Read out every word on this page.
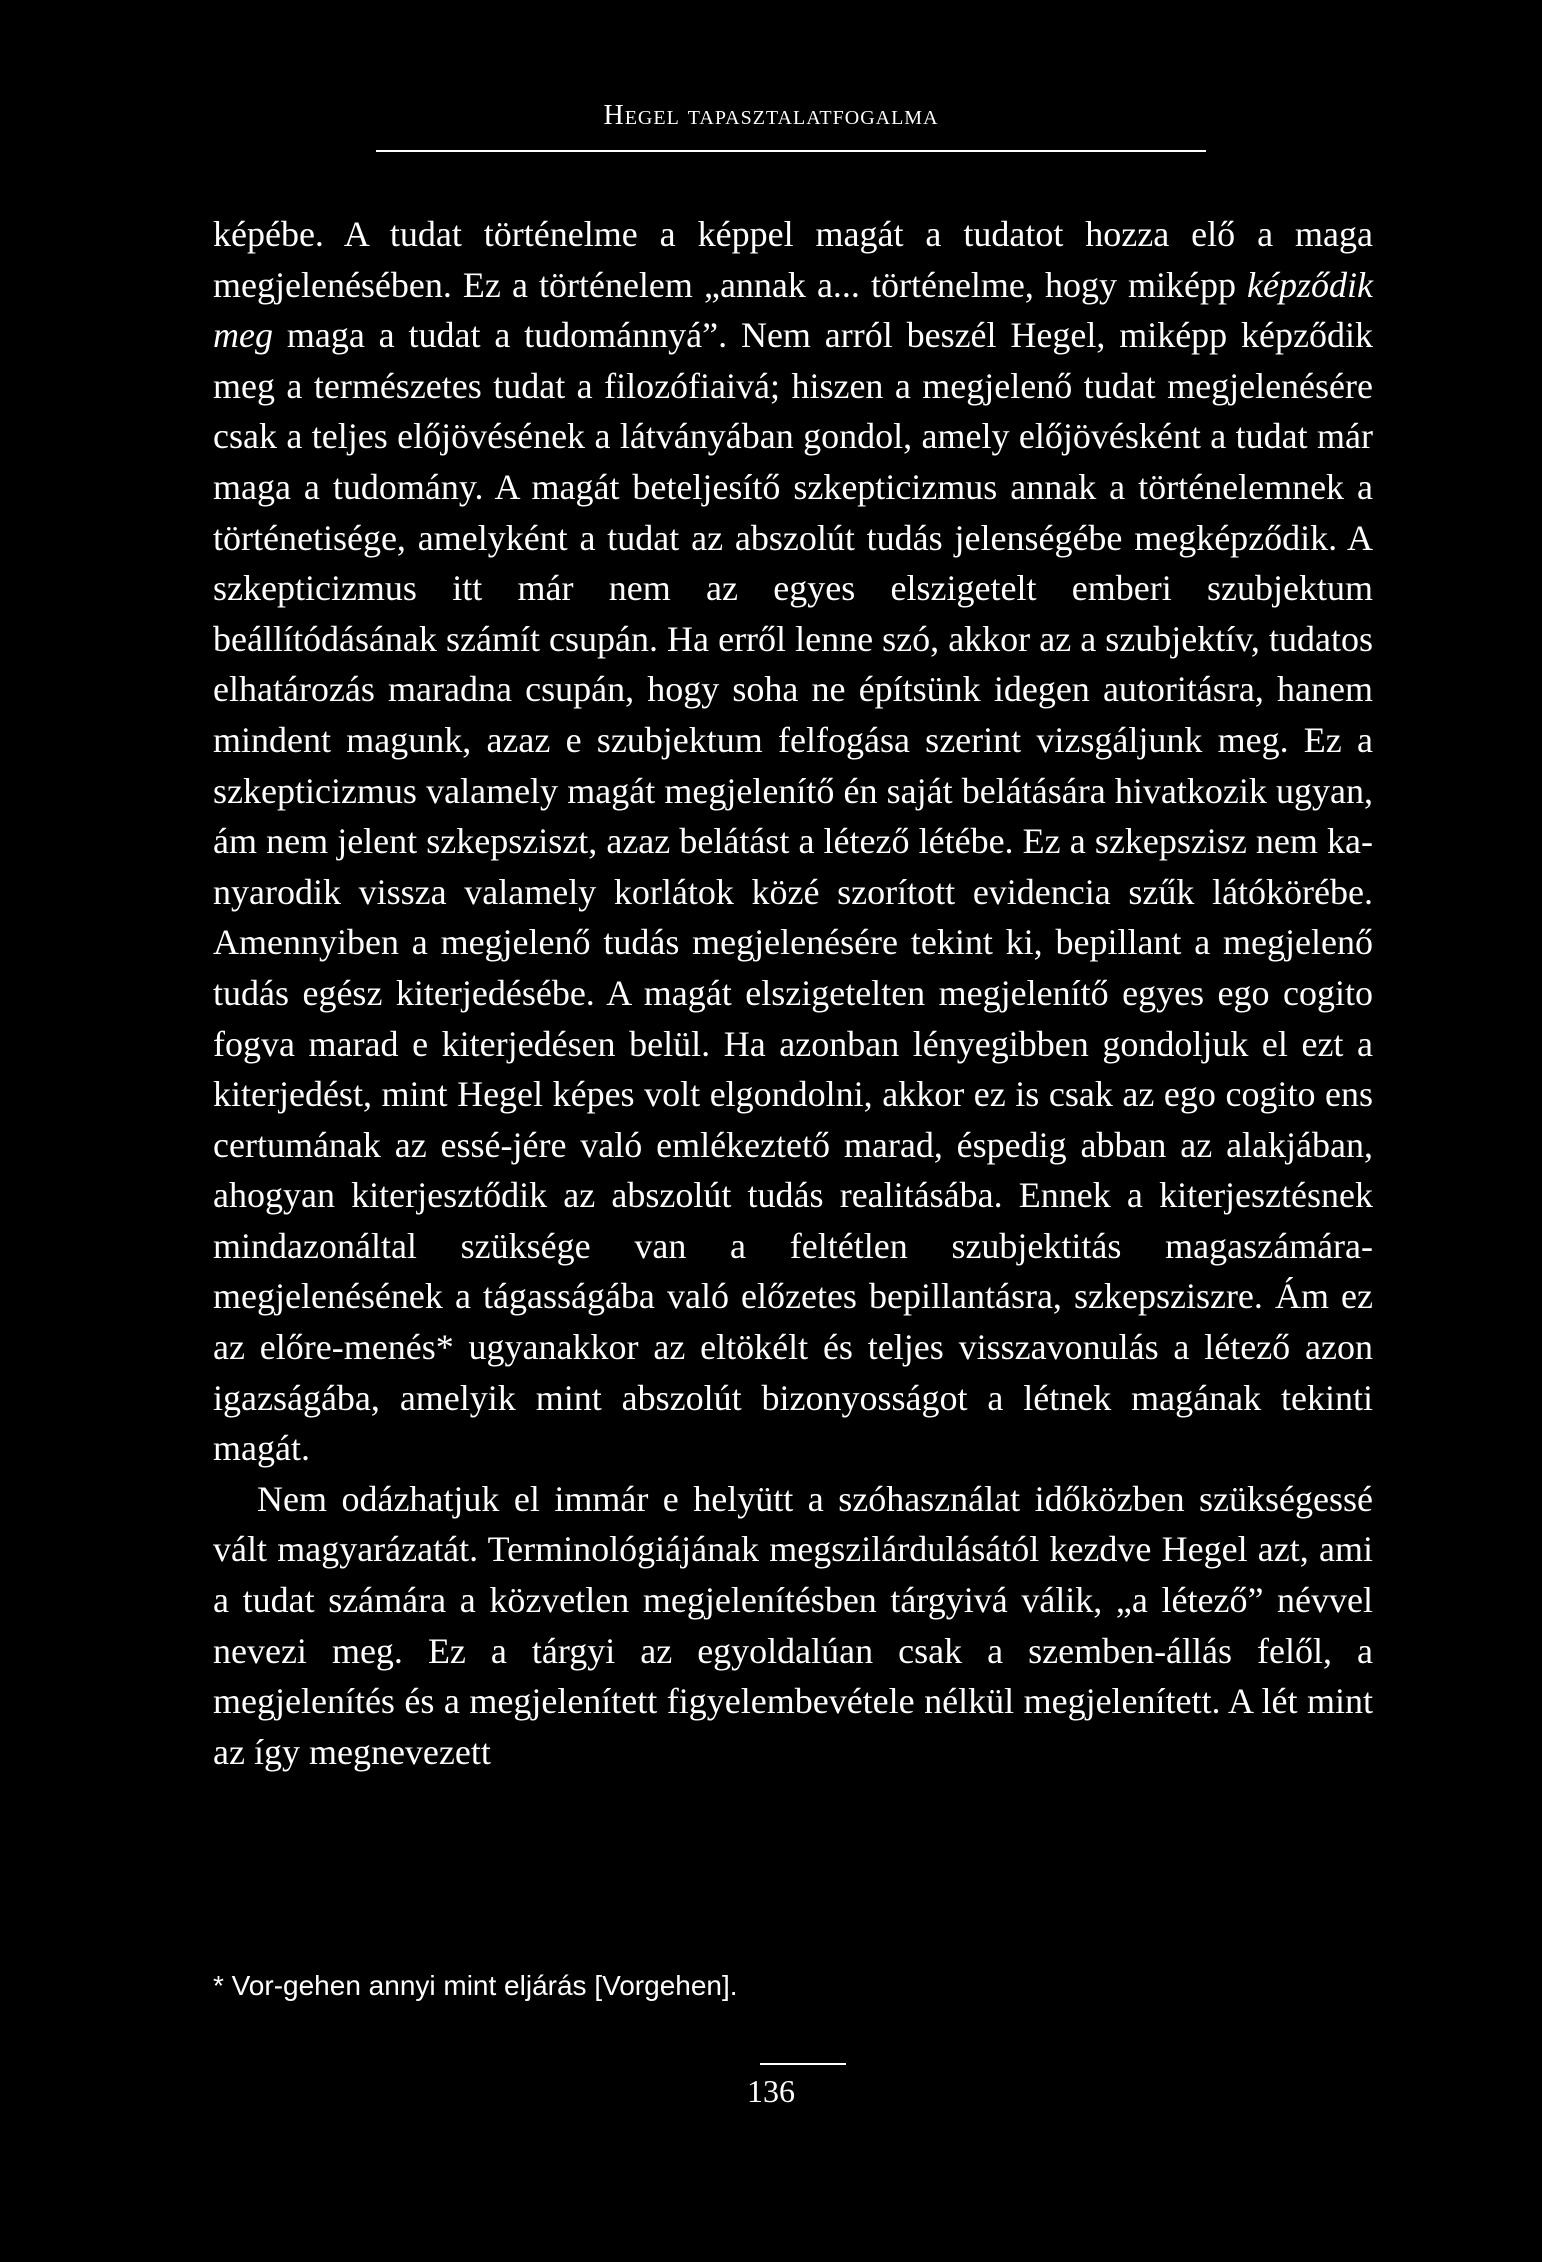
Hegel tapasztalatfogalma

képébe. A tudat történelme a képpel magát a tudatot hozza elő a maga megjelenésében. Ez a történelem „annak a... történelme, hogy miképp képződik meg maga a tudat a tudománnyá”. Nem arról beszél Hegel, miképp képződik meg a természetes tudat a filozófiaivá; hiszen a megjelenő tudat megjelenésére csak a teljes előjövésének a látványában gondol, amely előjövésként a tudat már maga a tudomány. A magát beteljesítő szkepticizmus annak a történelemnek a történetisége, amelyként a tudat az abszolút tudás jelenségébe megképződik. A szkepticizmus itt már nem az egyes elszigetelt emberi szubjektum beállítódásának számít csupán. Ha erről lenne szó, akkor az a szubjektív, tudatos elhatározás maradna csupán, hogy soha ne építsünk idegen autoritásra, hanem mindent magunk, azaz e szubjektum felfogása szerint vizsgáljunk meg. Ez a szkepticizmus valamely magát megjelenítő én saját belátására hivatkozik ugyan, ám nem jelent szkepsziszt, azaz belátást a létező létébe. Ez a szkepszisz nem kanyarodik vissza valamely korlátok közé szorított evidencia szűk látókörébe. Amennyiben a megjelenő tudás megjelenésére tekint ki, bepillant a megjelenő tudás egész kiterjedésébe. A magát elszigetelten megjelenítő egyes ego cogito fogva marad e kiterjedésen belül. Ha azonban lényegibben gondoljuk el ezt a kiterjedést, mint Hegel képes volt elgondolni, akkor ez is csak az ego cogito ens certumának az essé-jére való emlékeztető marad, éspedig abban az alakjában, ahogyan kiterjesztődik az abszolút tudás realitásába. Ennek a kiterjesztésnek mindazonáltal szüksége van a feltétlen szubjektitás magaszámára-megjelenésének a tágasságába való előzetes bepillantásra, szkepsziszre. Ám ez az előre-menés* ugyanakkor az eltökélt és teljes visszavonulás a létező azon igazságába, amelyik mint abszolút bizonyosságot a létnek magának tekinti magát.

Nem odázhatjuk el immár e helyütt a szóhasználat időközben szükségessé vált magyarázatát. Terminológiájának megszilárdulásától kezdve Hegel azt, ami a tudat számára a közvetlen megjelenítésben tárgyivá válik, „a létező” névvel nevezi meg. Ez a tárgyi az egyoldalúan csak a szemben-állás felől, a megjelenítés és a megjelenített figyelembevétele nélkül megjelenített. A lét mint az így megnevezett

* Vor-gehen annyi mint eljárás [Vorgehen].
136
